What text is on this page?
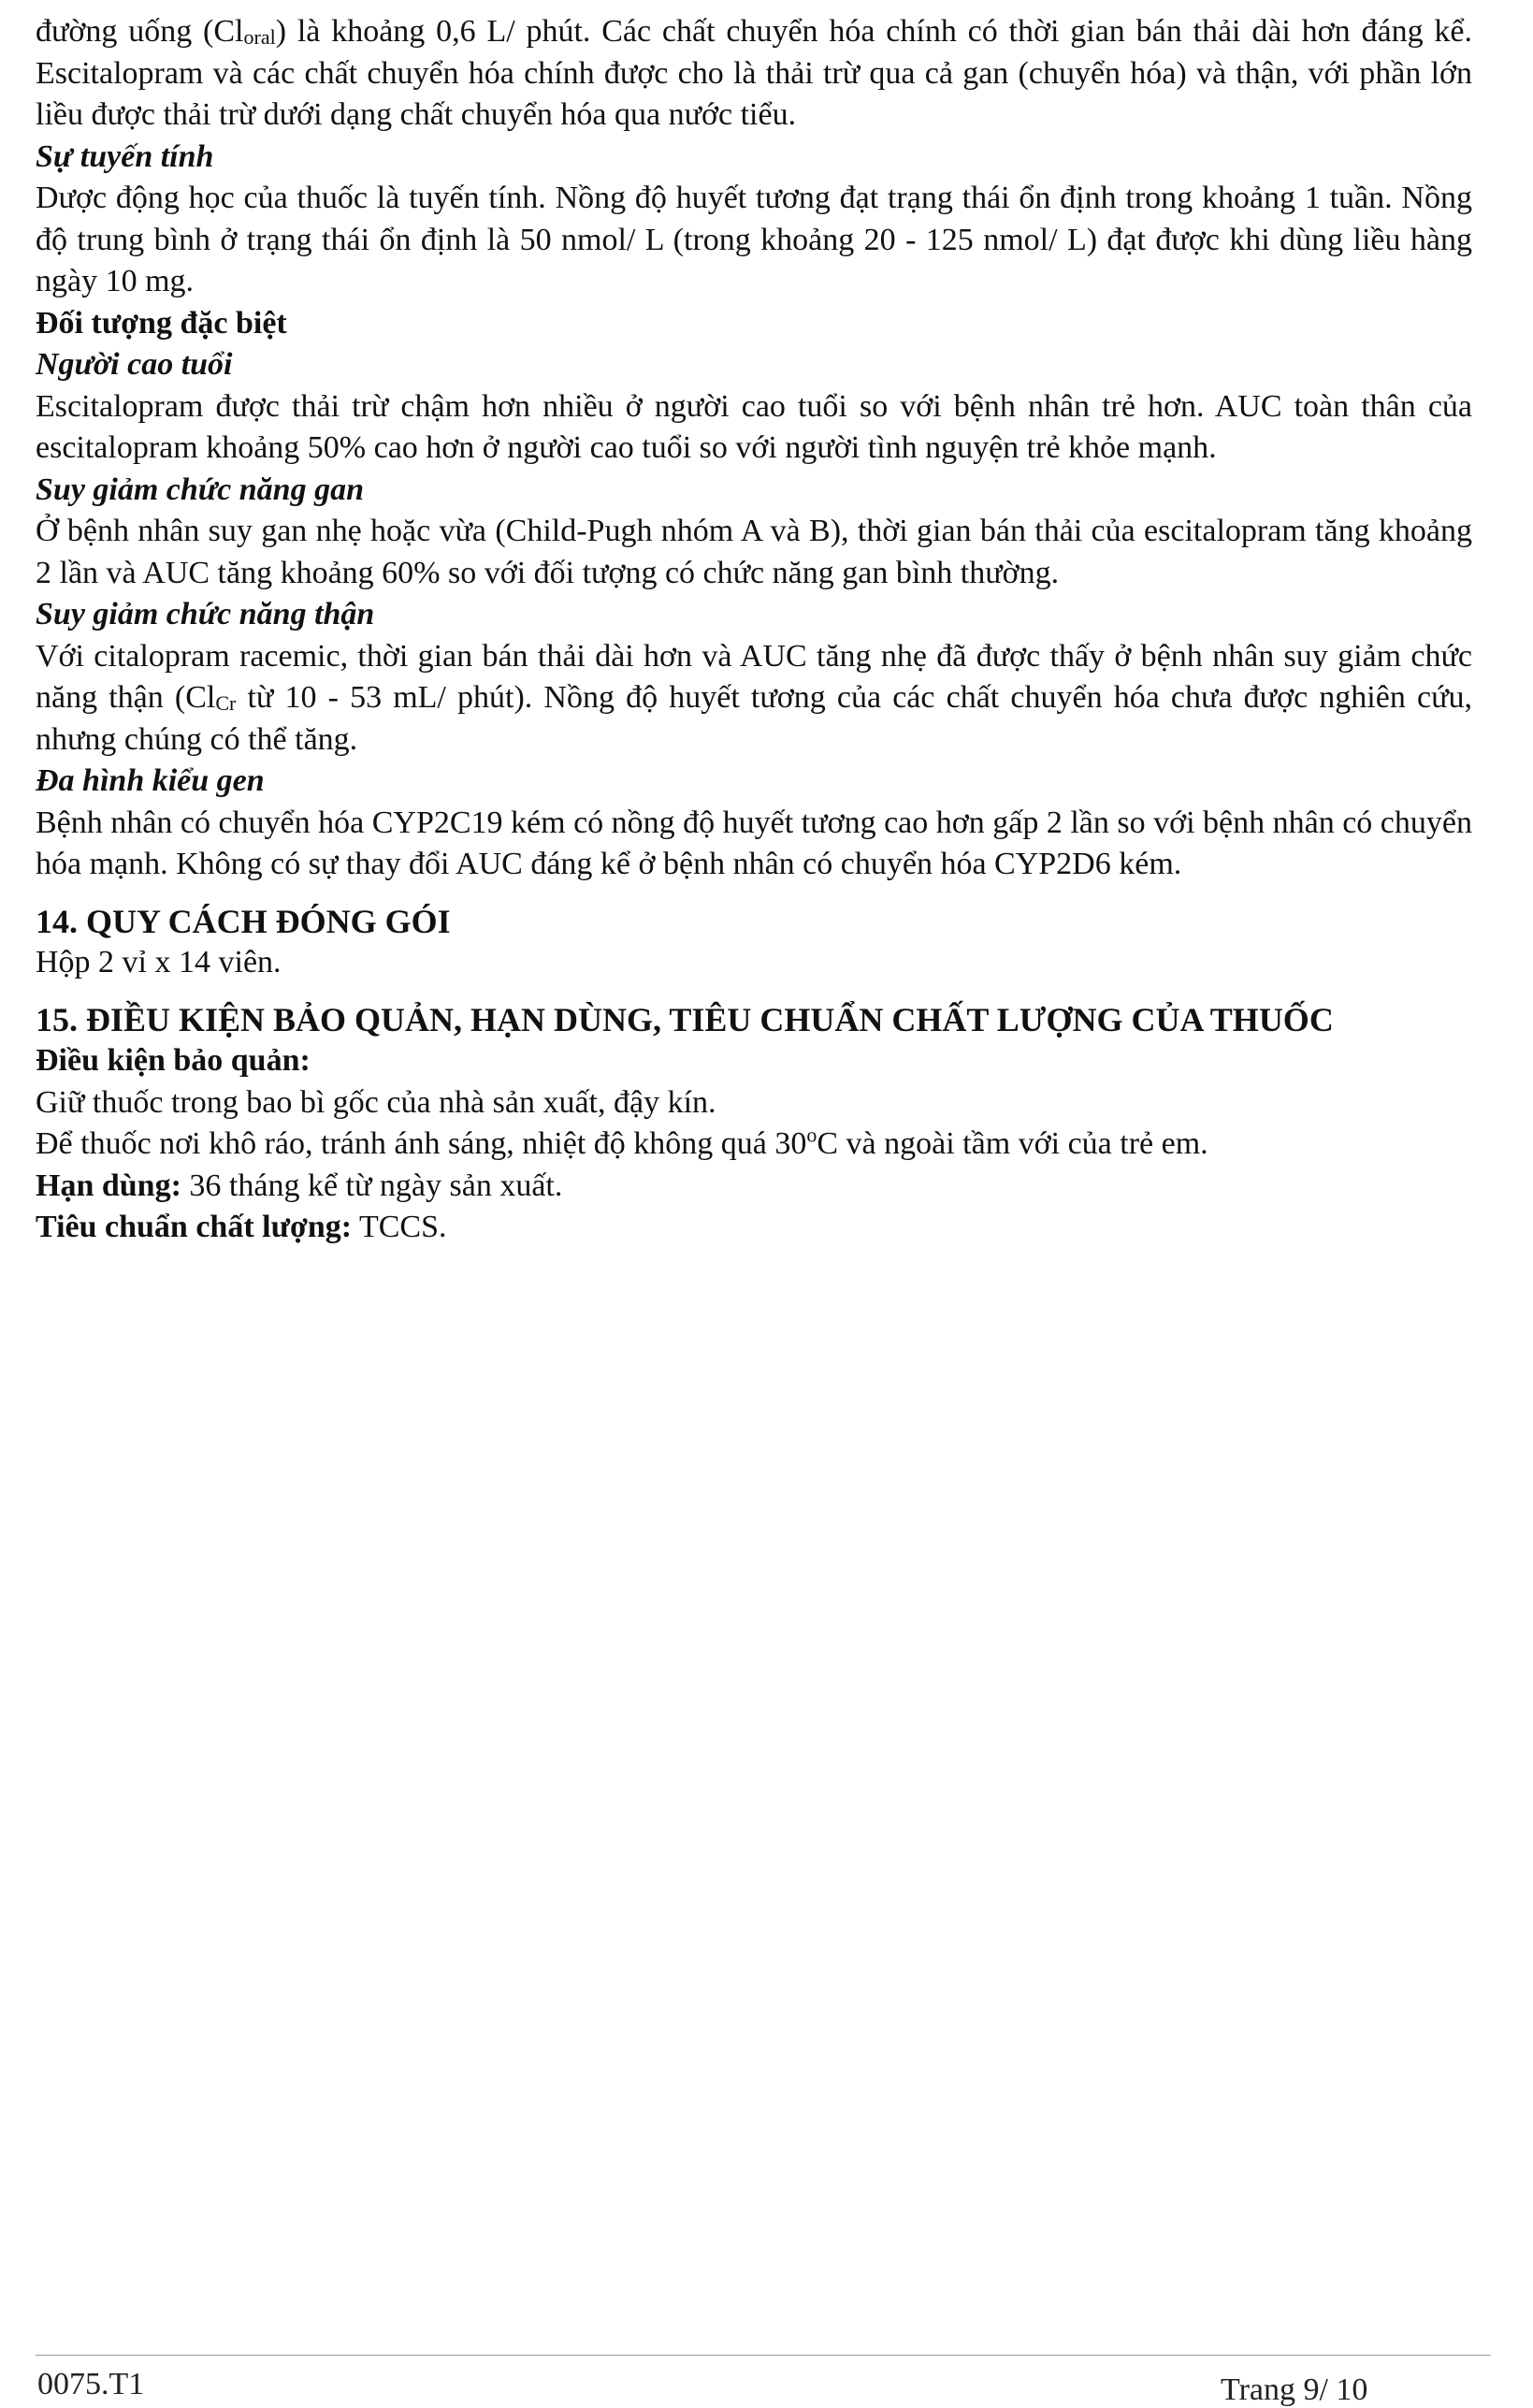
đường uống $(Cl_{oral})$ là khoảng 0,6 L/ phút. Các chất chuyển hóa chính có thời gian bán thải dài hơn đáng kể. Escitalopram và các chất chuyển hóa chính được cho là thải trừ qua cả gan (chuyển hóa) và thận, với phần lớn liều được thải trừ dưới dạng chất chuyển hóa qua nước tiểu.

Sự tuyến tính

Dược động học của thuốc là tuyến tính. Nồng độ huyết tương đạt trạng thái ổn định trong khoảng 1 tuần. Nồng độ trung bình ở trạng thái ổn định là 50 nmol/ L (trong khoảng 20 - 125 nmol/ L) đạt được khi dùng liều hàng ngày 10 mg.

Đối tượng đặc biệt

Người cao tuổi

Escitalopram được thải trừ chậm hơn nhiều ở người cao tuổi so với bệnh nhân trẻ hơn. AUC toàn thân của escitalopram khoảng 50% cao hơn ở người cao tuổi so với người tình nguyện trẻ khỏe mạnh.

Suy giảm chức năng gan

Ở bệnh nhân suy gan nhẹ hoặc vừa (Child-Pugh nhóm A và B), thời gian bán thải của escitalopram tăng khoảng 2 lần và AUC tăng khoảng 60% so với đối tượng có chức năng gan bình thường.

Suy giảm chức năng thận

Với citalopram racemic, thời gian bán thải dài hơn và AUC tăng nhẹ đã được thấy ở bệnh nhân suy giảm chức năng thận ($Cl_{Cr}$ từ 10 - 53 mL/ phút). Nồng độ huyết tương của các chất chuyển hóa chưa được nghiên cứu, nhưng chúng có thể tăng.

Đa hình kiểu gen

Bệnh nhân có chuyển hóa CYP2C19 kém có nồng độ huyết tương cao hơn gấp 2 lần so với bệnh nhân có chuyển hóa mạnh. Không có sự thay đổi AUC đáng kể ở bệnh nhân có chuyển hóa CYP2D6 kém.

14. QUY CÁCH ĐÓNG GÓI

Hộp 2 vỉ x 14 viên.

15. ĐIỀU KIỆN BẢO QUẢN, HẠN DÙNG, TIÊU CHUẨN CHẤT LƯỢNG CỦA THUỐC

Điều kiện bảo quản:

Giữ thuốc trong bao bì gốc của nhà sản xuất, đậy kín.

Để thuốc nơi khô ráo, tránh ánh sáng, nhiệt độ không quá 30$^o$C và ngoài tầm với của trẻ em.

Hạn dùng: 36 tháng kể từ ngày sản xuất.

Tiêu chuẩn chất lượng: TCCS.

0075.T1	Trang 9/ 10
